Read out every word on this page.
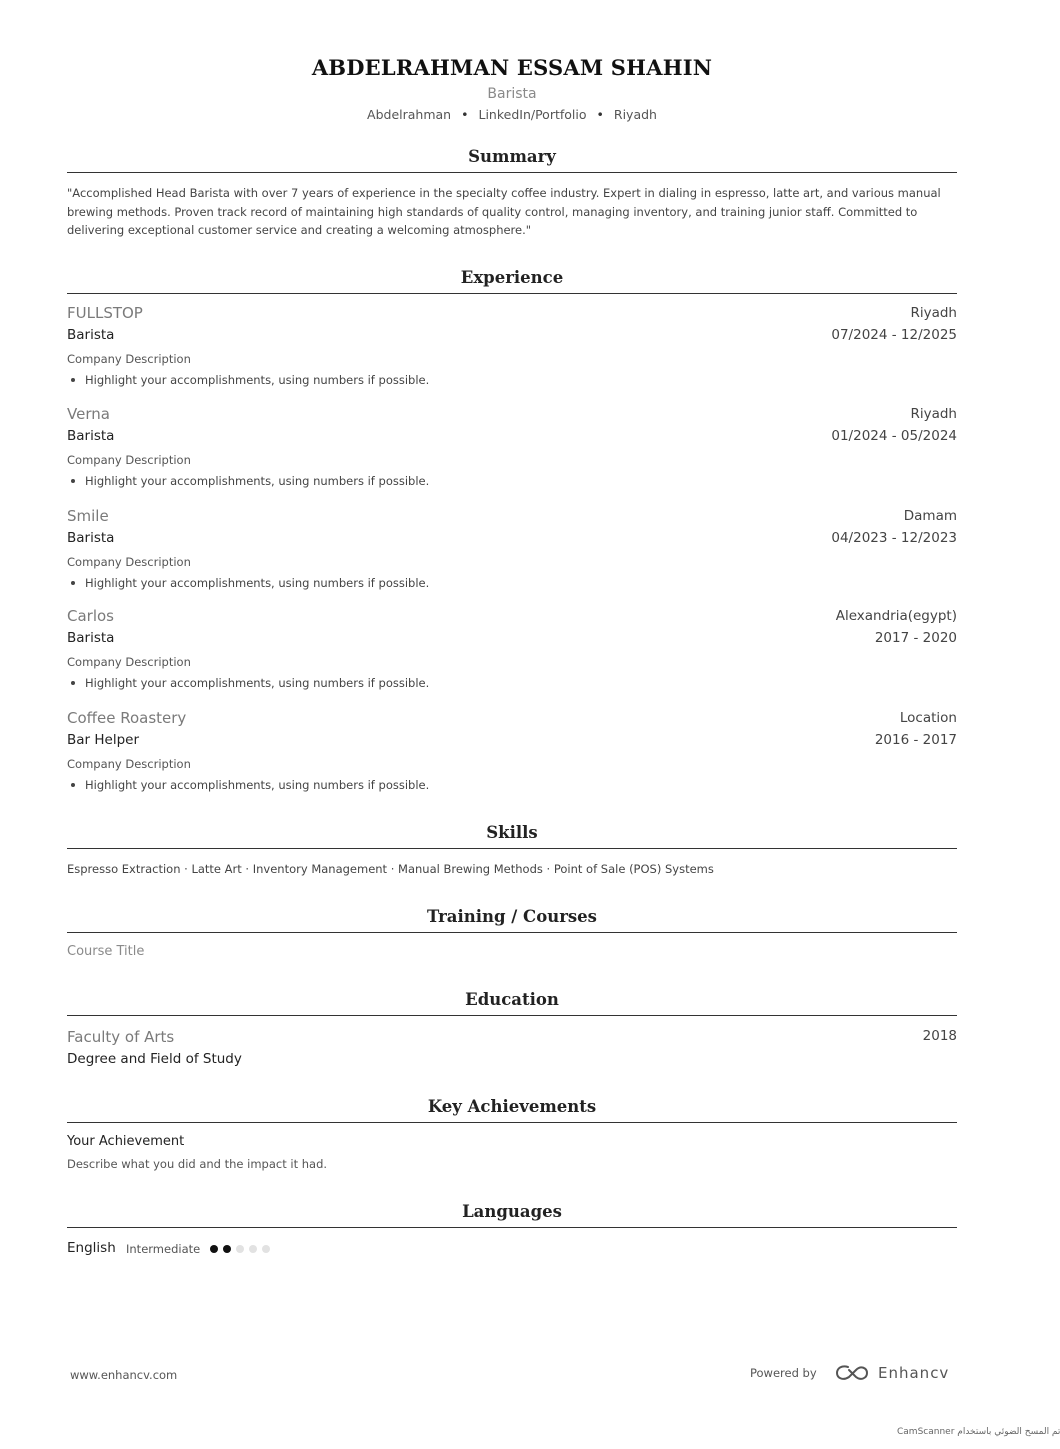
ABDELRAHMAN ESSAM SHAHIN
Barista
Abdelrahman • LinkedIn/Portfolio • Riyadh
Summary
"Accomplished Head Barista with over 7 years of experience in the specialty coffee industry. Expert in dialing in espresso, latte art, and various manual brewing methods. Proven track record of maintaining high standards of quality control, managing inventory, and training junior staff. Committed to delivering exceptional customer service and creating a welcoming atmosphere."
Experience
FULLSTOP	Riyadh
Barista	07/2024 - 12/2025
Company Description
Highlight your accomplishments, using numbers if possible.
Verna	Riyadh
Barista	01/2024 - 05/2024
Company Description
Highlight your accomplishments, using numbers if possible.
Smile	Damam
Barista	04/2023 - 12/2023
Company Description
Highlight your accomplishments, using numbers if possible.
Carlos	Alexandria(egypt)
Barista	2017 - 2020
Company Description
Highlight your accomplishments, using numbers if possible.
Coffee Roastery	Location
Bar Helper	2016 - 2017
Company Description
Highlight your accomplishments, using numbers if possible.
Skills
Espresso Extraction · Latte Art · Inventory Management · Manual Brewing Methods · Point of Sale (POS) Systems
Training / Courses
Course Title
Education
Faculty of Arts	2018
Degree and Field of Study
Key Achievements
Your Achievement
Describe what you did and the impact it had.
Languages
English Intermediate
www.enhancv.com	Powered by	Enhancv
CamScanner تم المسح الضوئي باستخدام
